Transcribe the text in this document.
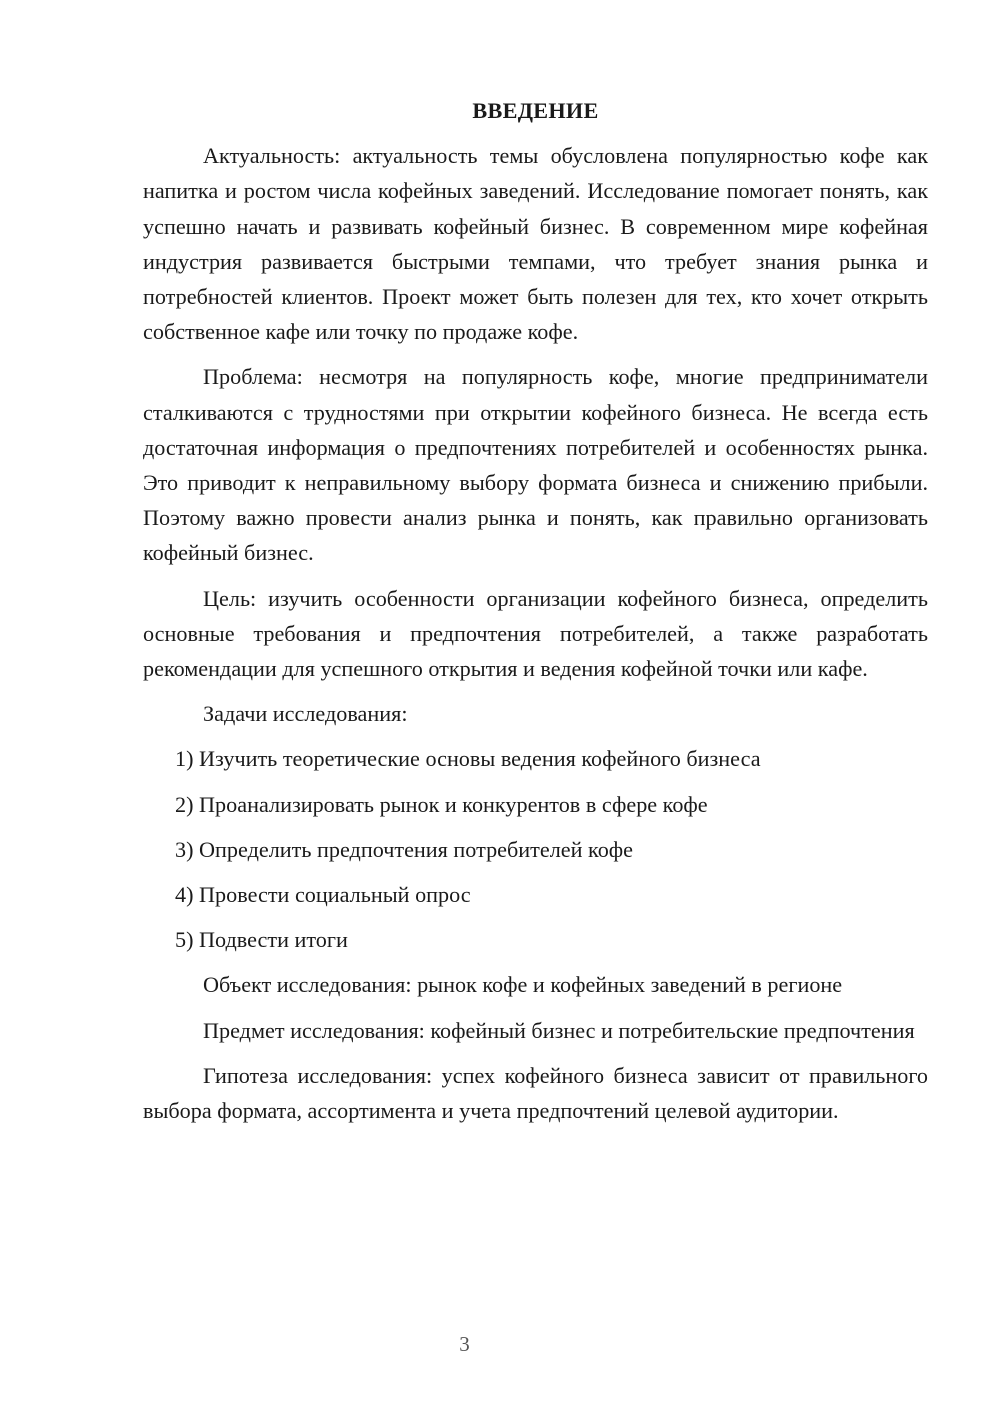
ВВЕДЕНИЕ

Актуальность: актуальность темы обусловлена популярностью кофе как напитка и ростом числа кофейных заведений. Исследование помогает понять, как успешно начать и развивать кофейный бизнес. В современном мире кофейная индустрия развивается быстрыми темпами, что требует знания рынка и потребностей клиентов. Проект может быть полезен для тех, кто хочет открыть собственное кафе или точку по продаже кофе.

Проблема: несмотря на популярность кофе, многие предприниматели сталкиваются с трудностями при открытии кофейного бизнеса. Не всегда есть достаточная информация о предпочтениях потребителей и особенностях рынка. Это приводит к неправильному выбору формата бизнеса и снижению прибыли. Поэтому важно провести анализ рынка и понять, как правильно организовать кофейный бизнес.

Цель: изучить особенности организации кофейного бизнеса, определить основные требования и предпочтения потребителей, а также разработать рекомендации для успешного открытия и ведения кофейной точки или кафе.

Задачи исследования:

1) Изучить теоретические основы ведения кофейного бизнеса
2) Проанализировать рынок и конкурентов в сфере кофе
3) Определить предпочтения потребителей кофе
4) Провести социальный опрос
5) Подвести итоги

Объект исследования: рынок кофе и кофейных заведений в регионе

Предмет исследования: кофейный бизнес и потребительские предпочтения

Гипотеза исследования: успех кофейного бизнеса зависит от правильного выбора формата, ассортимента и учета предпочтений целевой аудитории.

3
